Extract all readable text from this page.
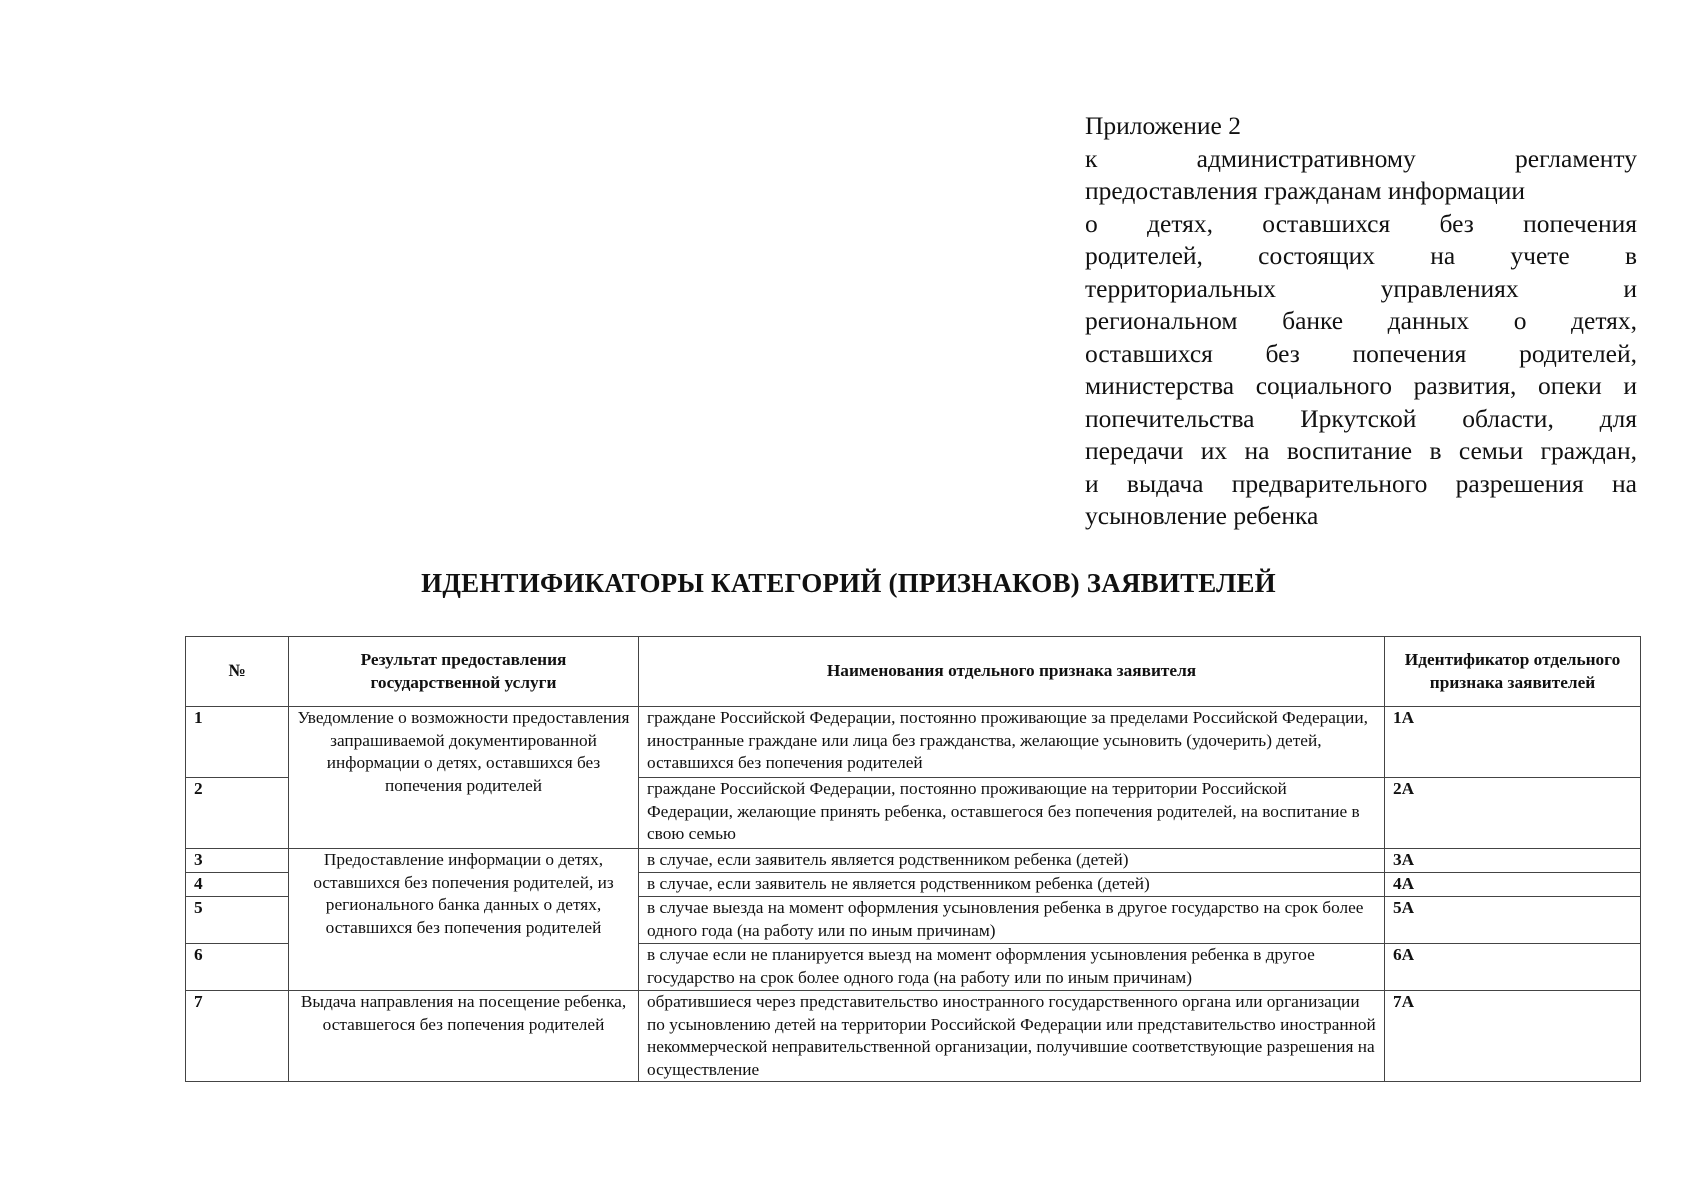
Приложение 2
к административному регламенту
предоставления гражданам информации
о детях, оставшихся без попечения
родителей, состоящих на учете в
территориальных управлениях и
региональном банке данных о детях,
оставшихся без попечения родителей,
министерства социального развития, опеки и
попечительства Иркутской области, для
передачи их на воспитание в семьи граждан,
и выдача предварительного разрешения на
усыновление ребенка
ИДЕНТИФИКАТОРЫ КАТЕГОРИЙ (ПРИЗНАКОВ) ЗАЯВИТЕЛЕЙ
№	Результат предоставления государственной услуги	Наименования отдельного признака заявителя	Идентификатор отдельного признака заявителей
1	Уведомление о возможности предоставления запрашиваемой документированной информации о детях, оставшихся без попечения родителей	граждане Российской Федерации, постоянно проживающие за пределами Российской Федерации, иностранные граждане или лица без гражданства, желающие усыновить (удочерить) детей, оставшихся без попечения родителей	1А
2		граждане Российской Федерации, постоянно проживающие на территории Российской Федерации, желающие принять ребенка, оставшегося без попечения родителей, на воспитание в свою семью	2А
3	Предоставление информации о детях, оставшихся без попечения родителей, из регионального банка данных о детях, оставшихся без попечения родителей	в случае, если заявитель является родственником ребенка (детей)	3А
4		в случае, если заявитель не является родственником ребенка (детей)	4А
5		в случае выезда на момент оформления усыновления ребенка в другое государство на срок более одного года (на работу или по иным причинам)	5А
6		в случае если не планируется выезд на момент оформления усыновления ребенка в другое государство на срок более одного года (на работу или по иным причинам)	6А
7	Выдача направления на посещение ребенка, оставшегося без попечения родителей	обратившиеся через представительство иностранного государственного органа или организации по усыновлению детей на территории Российской Федерации или представительство иностранной некоммерческой неправительственной организации, получившие соответствующие разрешения на осуществление	7А
